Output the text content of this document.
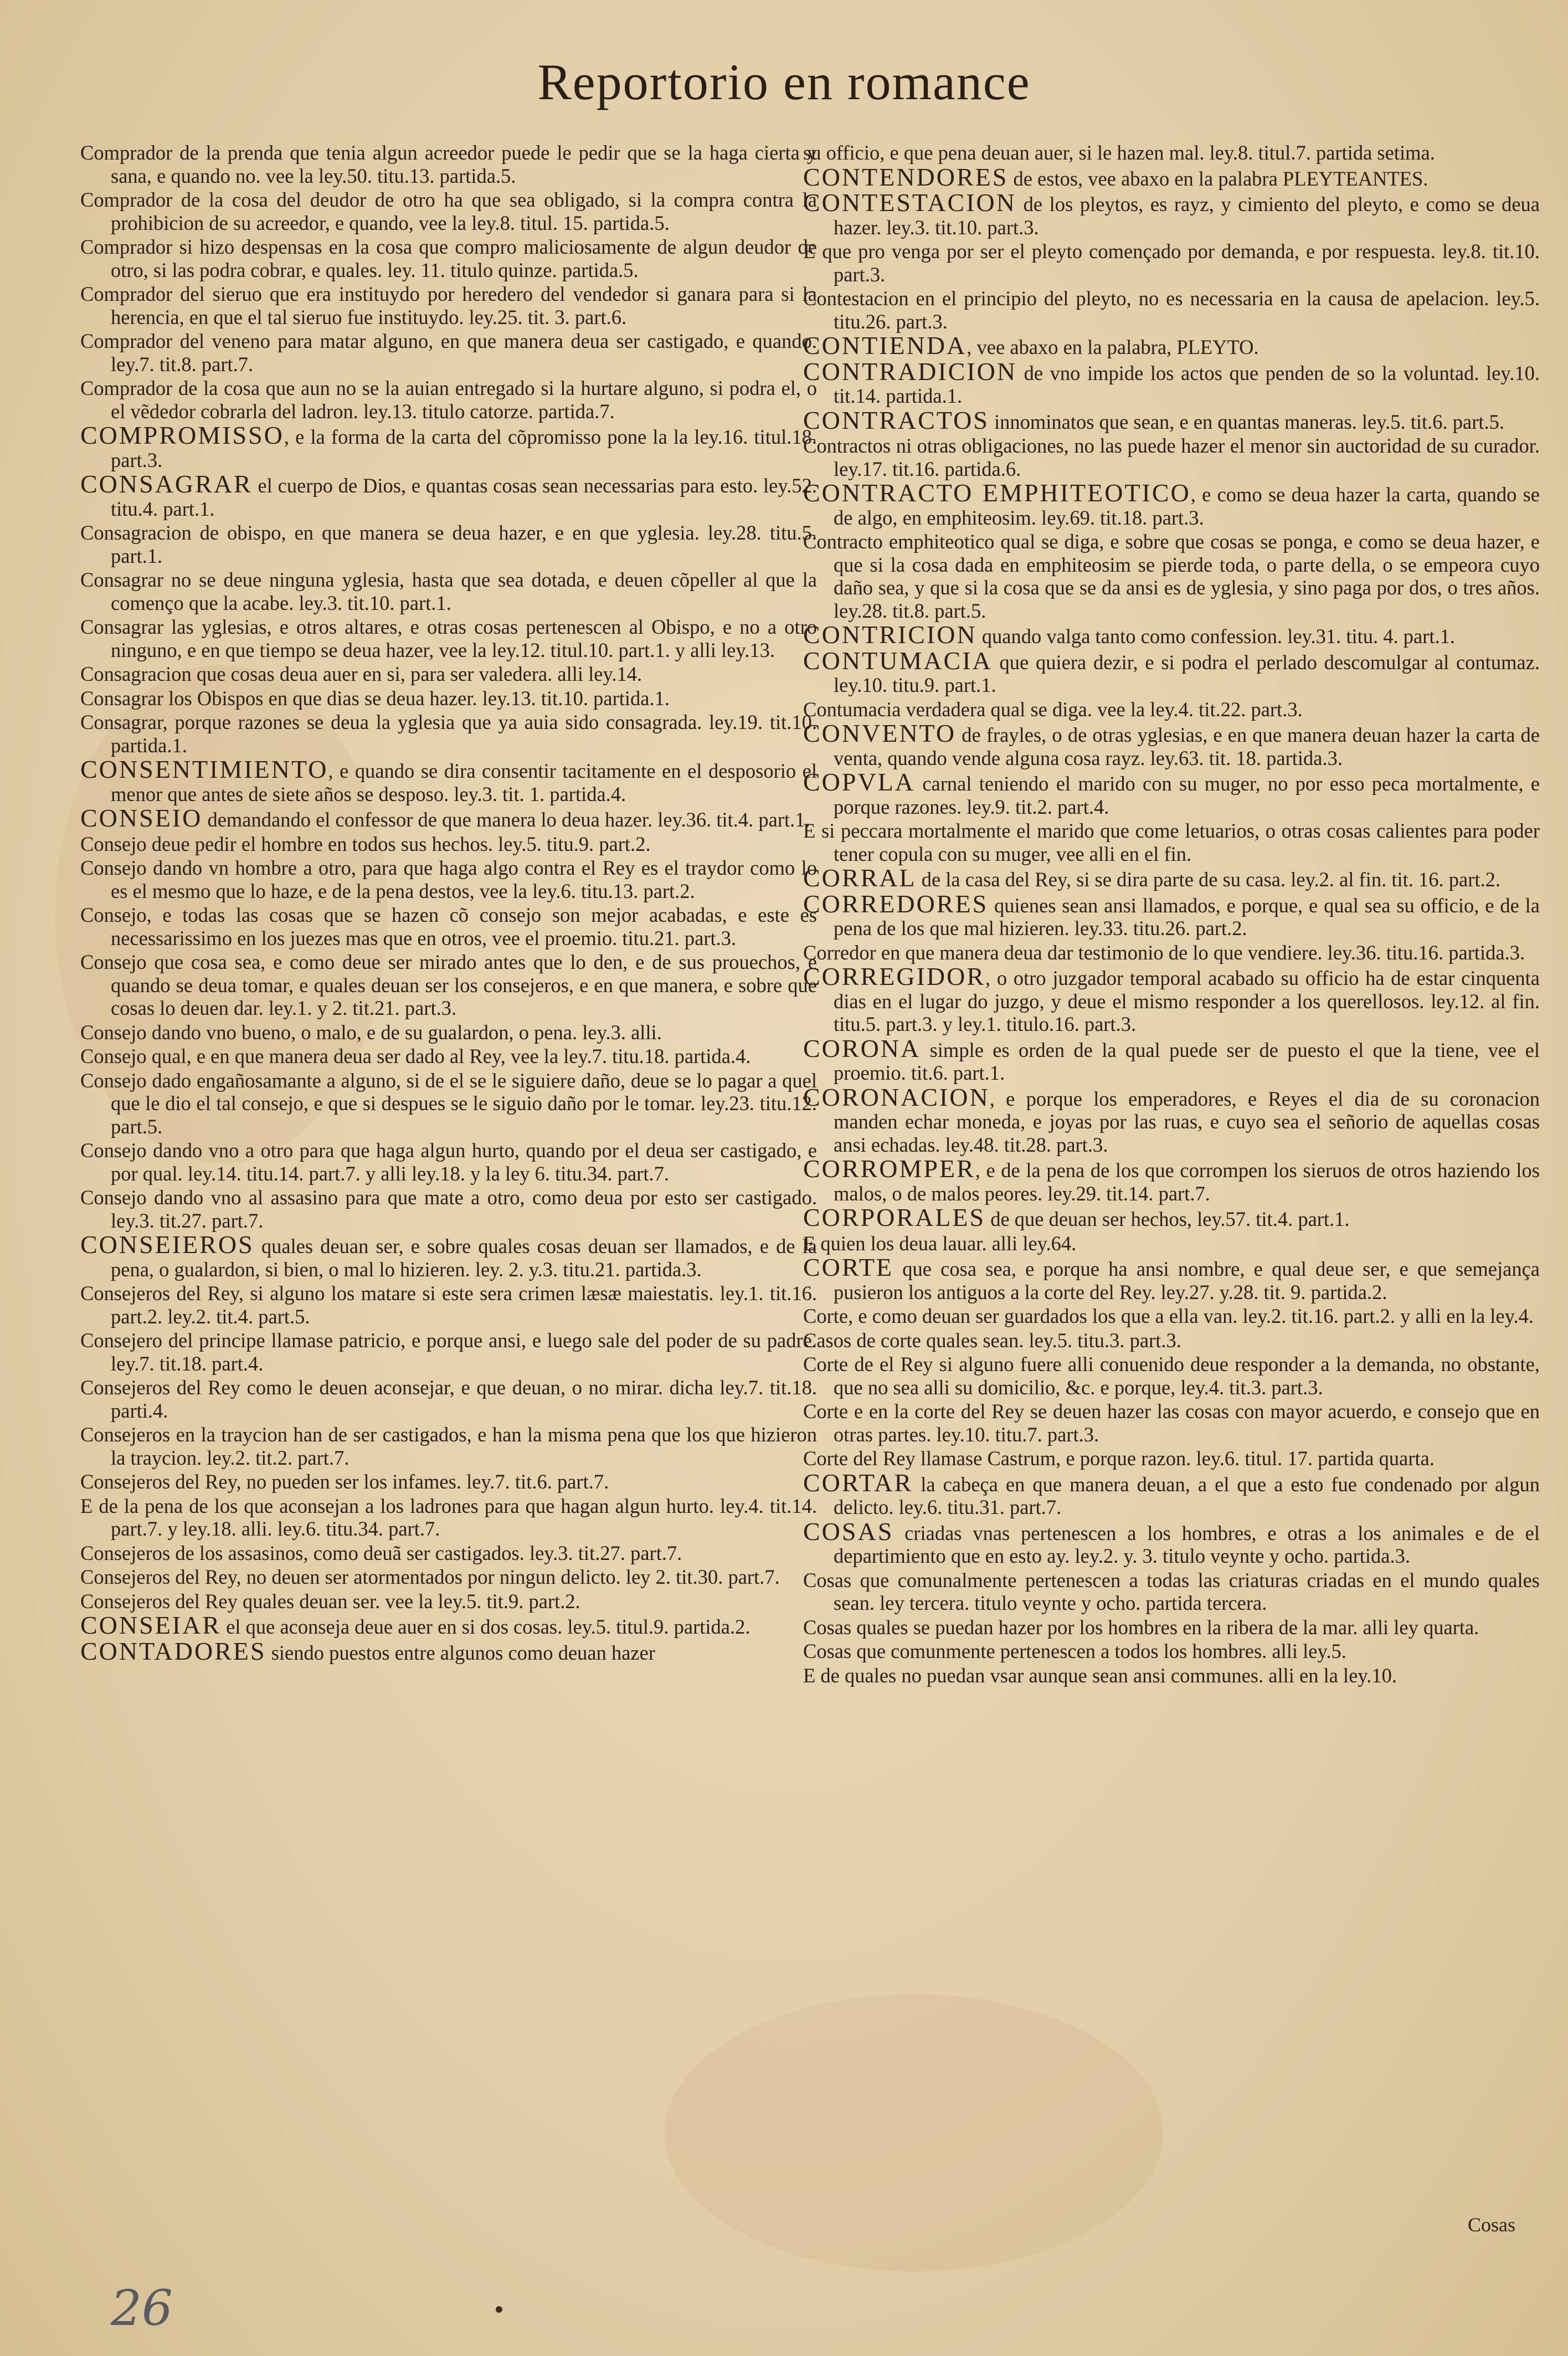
Reportorio en romance

Comprador de la prenda que tenia algun acreedor puede le pedir que se la haga cierta y sana, e quando no. vee la ley.50. titu.13. partida.5.

Comprador de la cosa del deudor de otro ha que sea obligado, si la compra contra la prohibicion de su acreedor, e quando, vee la ley.8. titul. 15. partida.5.

Comprador si hizo despensas en la cosa que compro maliciosamente de algun deudor de otro, si las podra cobrar, e quales. ley. 11. titulo quinze. partida.5.

Comprador del sieruo que era instituydo por heredero del vendedor si ganara para si la herencia, en que el tal sieruo fue instituydo. ley.25. tit. 3. part.6.

Comprador del veneno para matar alguno, en que manera deua ser castigado, e quando. ley.7. tit.8. part.7.

Comprador de la cosa que aun no se la auian entregado si la hurtare alguno, si podra el, o el vẽdedor cobrarla del ladron. ley.13. titulo catorze. partida.7.

COMPROMISSO, e la forma de la carta del cõpromisso pone la la ley.16. titul.18. part.3.

CONSAGRAR el cuerpo de Dios, e quantas cosas sean necessarias para esto. ley.52. titu.4. part.1.

Consagracion de obispo, en que manera se deua hazer, e en que yglesia. ley.28. titu.5. part.1.

Consagrar no se deue ninguna yglesia, hasta que sea dotada, e deuen cõpeller al que la començo que la acabe. ley.3. tit.10. part.1.

Consagrar las yglesias, e otros altares, e otras cosas pertenescen al Obispo, e no a otro ninguno, e en que tiempo se deua hazer, vee la ley.12. titul.10. part.1. y alli ley.13.

Consagracion que cosas deua auer en si, para ser valedera. alli ley.14.

Consagrar los Obispos en que dias se deua hazer. ley.13. tit.10. partida.1.

Consagrar, porque razones se deua la yglesia que ya auia sido consagrada. ley.19. tit.10. partida.1.

CONSENTIMIENTO, e quando se dira consentir tacitamente en el desposorio el menor que antes de siete años se desposo. ley.3. tit. 1. partida.4.

CONSEIO demandando el confessor de que manera lo deua hazer. ley.36. tit.4. part.1.

Consejo deue pedir el hombre en todos sus hechos. ley.5. titu.9. part.2.

Consejo dando vn hombre a otro, para que haga algo contra el Rey es el traydor como lo es el mesmo que lo haze, e de la pena destos, vee la ley.6. titu.13. part.2.

Consejo, e todas las cosas que se hazen cõ consejo son mejor acabadas, e este es necessarissimo en los juezes mas que en otros, vee el proemio. titu.21. part.3.

Consejo que cosa sea, e como deue ser mirado antes que lo den, e de sus prouechos, e quando se deua tomar, e quales deuan ser los consejeros, e en que manera, e sobre que cosas lo deuen dar. ley.1. y 2. tit.21. part.3.

Consejo dando vno bueno, o malo, e de su gualardon, o pena. ley.3. alli.

Consejo qual, e en que manera deua ser dado al Rey, vee la ley.7. titu.18. partida.4.

Consejo dado engañosamante a alguno, si de el se le siguiere daño, deue se lo pagar a quel que le dio el tal consejo, e que si despues se le siguio daño por le tomar. ley.23. titu.12. part.5.

Consejo dando vno a otro para que haga algun hurto, quando por el deua ser castigado, e por qual. ley.14. titu.14. part.7. y alli ley.18. y la ley 6. titu.34. part.7.

Consejo dando vno al assasino para que mate a otro, como deua por esto ser castigado. ley.3. tit.27. part.7.

CONSEIEROS quales deuan ser, e sobre quales cosas deuan ser llamados, e de la pena, o gualardon, si bien, o mal lo hizieren. ley. 2. y.3. titu.21. partida.3.

Consejeros del Rey, si alguno los matare si este sera crimen læsæ maiestatis. ley.1. tit.16. part.2. ley.2. tit.4. part.5.

Consejero del principe llamase patricio, e porque ansi, e luego sale del poder de su padre. ley.7. tit.18. part.4.

Consejeros del Rey como le deuen aconsejar, e que deuan, o no mirar. dicha ley.7. tit.18. parti.4.

Consejeros en la traycion han de ser castigados, e han la misma pena que los que hizieron la traycion. ley.2. tit.2. part.7.

Consejeros del Rey, no pueden ser los infames. ley.7. tit.6. part.7.

E de la pena de los que aconsejan a los ladrones para que hagan algun hurto. ley.4. tit.14. part.7. y ley.18. alli. ley.6. titu.34. part.7.

Consejeros de los assasinos, como deuã ser castigados. ley.3. tit.27. part.7.

Consejeros del Rey, no deuen ser atormentados por ningun delicto. ley 2. tit.30. part.7.

Consejeros del Rey quales deuan ser. vee la ley.5. tit.9. part.2.

CONSEIAR el que aconseja deue auer en si dos cosas. ley.5. titul.9. partida.2.

CONTADORES siendo puestos entre algunos como deuan hazer

su officio, e que pena deuan auer, si le hazen mal. ley.8. titul.7. partida setima.

CONTENDORES de estos, vee abaxo en la palabra PLEYTEANTES.

CONTESTACION de los pleytos, es rayz, y cimiento del pleyto, e como se deua hazer. ley.3. tit.10. part.3.

E que pro venga por ser el pleyto començado por demanda, e por respuesta. ley.8. tit.10. part.3.

Contestacion en el principio del pleyto, no es necessaria en la causa de apelacion. ley.5. titu.26. part.3.

CONTIENDA, vee abaxo en la palabra, PLEYTO.

CONTRADICION de vno impide los actos que penden de so la voluntad. ley.10. tit.14. partida.1.

CONTRACTOS innominatos que sean, e en quantas maneras. ley.5. tit.6. part.5.

Contractos ni otras obligaciones, no las puede hazer el menor sin auctoridad de su curador. ley.17. tit.16. partida.6.

CONTRACTO EMPHITEOTICO, e como se deua hazer la carta, quando se de algo, en emphiteosim. ley.69. tit.18. part.3.

Contracto emphiteotico qual se diga, e sobre que cosas se ponga, e como se deua hazer, e que si la cosa dada en emphiteosim se pierde toda, o parte della, o se empeora cuyo daño sea, y que si la cosa que se da ansi es de yglesia, y sino paga por dos, o tres años. ley.28. tit.8. part.5.

CONTRICION quando valga tanto como confession. ley.31. titu. 4. part.1.

CONTUMACIA que quiera dezir, e si podra el perlado descomulgar al contumaz. ley.10. titu.9. part.1.

Contumacia verdadera qual se diga. vee la ley.4. tit.22. part.3.

CONVENTO de frayles, o de otras yglesias, e en que manera deuan hazer la carta de venta, quando vende alguna cosa rayz. ley.63. tit. 18. partida.3.

COPVLA carnal teniendo el marido con su muger, no por esso peca mortalmente, e porque razones. ley.9. tit.2. part.4.

E si peccara mortalmente el marido que come letuarios, o otras cosas calientes para poder tener copula con su muger, vee alli en el fin.

CORRAL de la casa del Rey, si se dira parte de su casa. ley.2. al fin. tit. 16. part.2.

CORREDORES quienes sean ansi llamados, e porque, e qual sea su officio, e de la pena de los que mal hizieren. ley.33. titu.26. part.2.

Corredor en que manera deua dar testimonio de lo que vendiere. ley.36. titu.16. partida.3.

CORREGIDOR, o otro juzgador temporal acabado su officio ha de estar cinquenta dias en el lugar do juzgo, y deue el mismo responder a los querellosos. ley.12. al fin. titu.5. part.3. y ley.1. titulo.16. part.3.

CORONA simple es orden de la qual puede ser de puesto el que la tiene, vee el proemio. tit.6. part.1.

CORONACION, e porque los emperadores, e Reyes el dia de su coronacion manden echar moneda, e joyas por las ruas, e cuyo sea el señorio de aquellas cosas ansi echadas. ley.48. tit.28. part.3.

CORROMPER, e de la pena de los que corrompen los sieruos de otros haziendo los malos, o de malos peores. ley.29. tit.14. part.7.

CORPORALES de que deuan ser hechos, ley.57. tit.4. part.1.

E quien los deua lauar. alli ley.64.

CORTE que cosa sea, e porque ha ansi nombre, e qual deue ser, e que semejança pusieron los antiguos a la corte del Rey. ley.27. y.28. tit. 9. partida.2.

Corte, e como deuan ser guardados los que a ella van. ley.2. tit.16. part.2. y alli en la ley.4.

Casos de corte quales sean. ley.5. titu.3. part.3.

Corte de el Rey si alguno fuere alli conuenido deue responder a la demanda, no obstante, que no sea alli su domicilio, &c. e porque, ley.4. tit.3. part.3.

Corte e en la corte del Rey se deuen hazer las cosas con mayor acuerdo, e consejo que en otras partes. ley.10. titu.7. part.3.

Corte del Rey llamase Castrum, e porque razon. ley.6. titul. 17. partida quarta.

CORTAR la cabeça en que manera deuan, a el que a esto fue condenado por algun delicto. ley.6. titu.31. part.7.

COSAS criadas vnas pertenescen a los hombres, e otras a los animales e de el departimiento que en esto ay. ley.2. y. 3. titulo veynte y ocho. partida.3.

Cosas que comunalmente pertenescen a todas las criaturas criadas en el mundo quales sean. ley tercera. titulo veynte y ocho. partida tercera.

Cosas quales se puedan hazer por los hombres en la ribera de la mar. alli ley quarta.

Cosas que comunmente pertenescen a todos los hombres. alli ley.5.

E de quales no puedan vsar aunque sean ansi communes. alli en la ley.10.

Cosas
26
